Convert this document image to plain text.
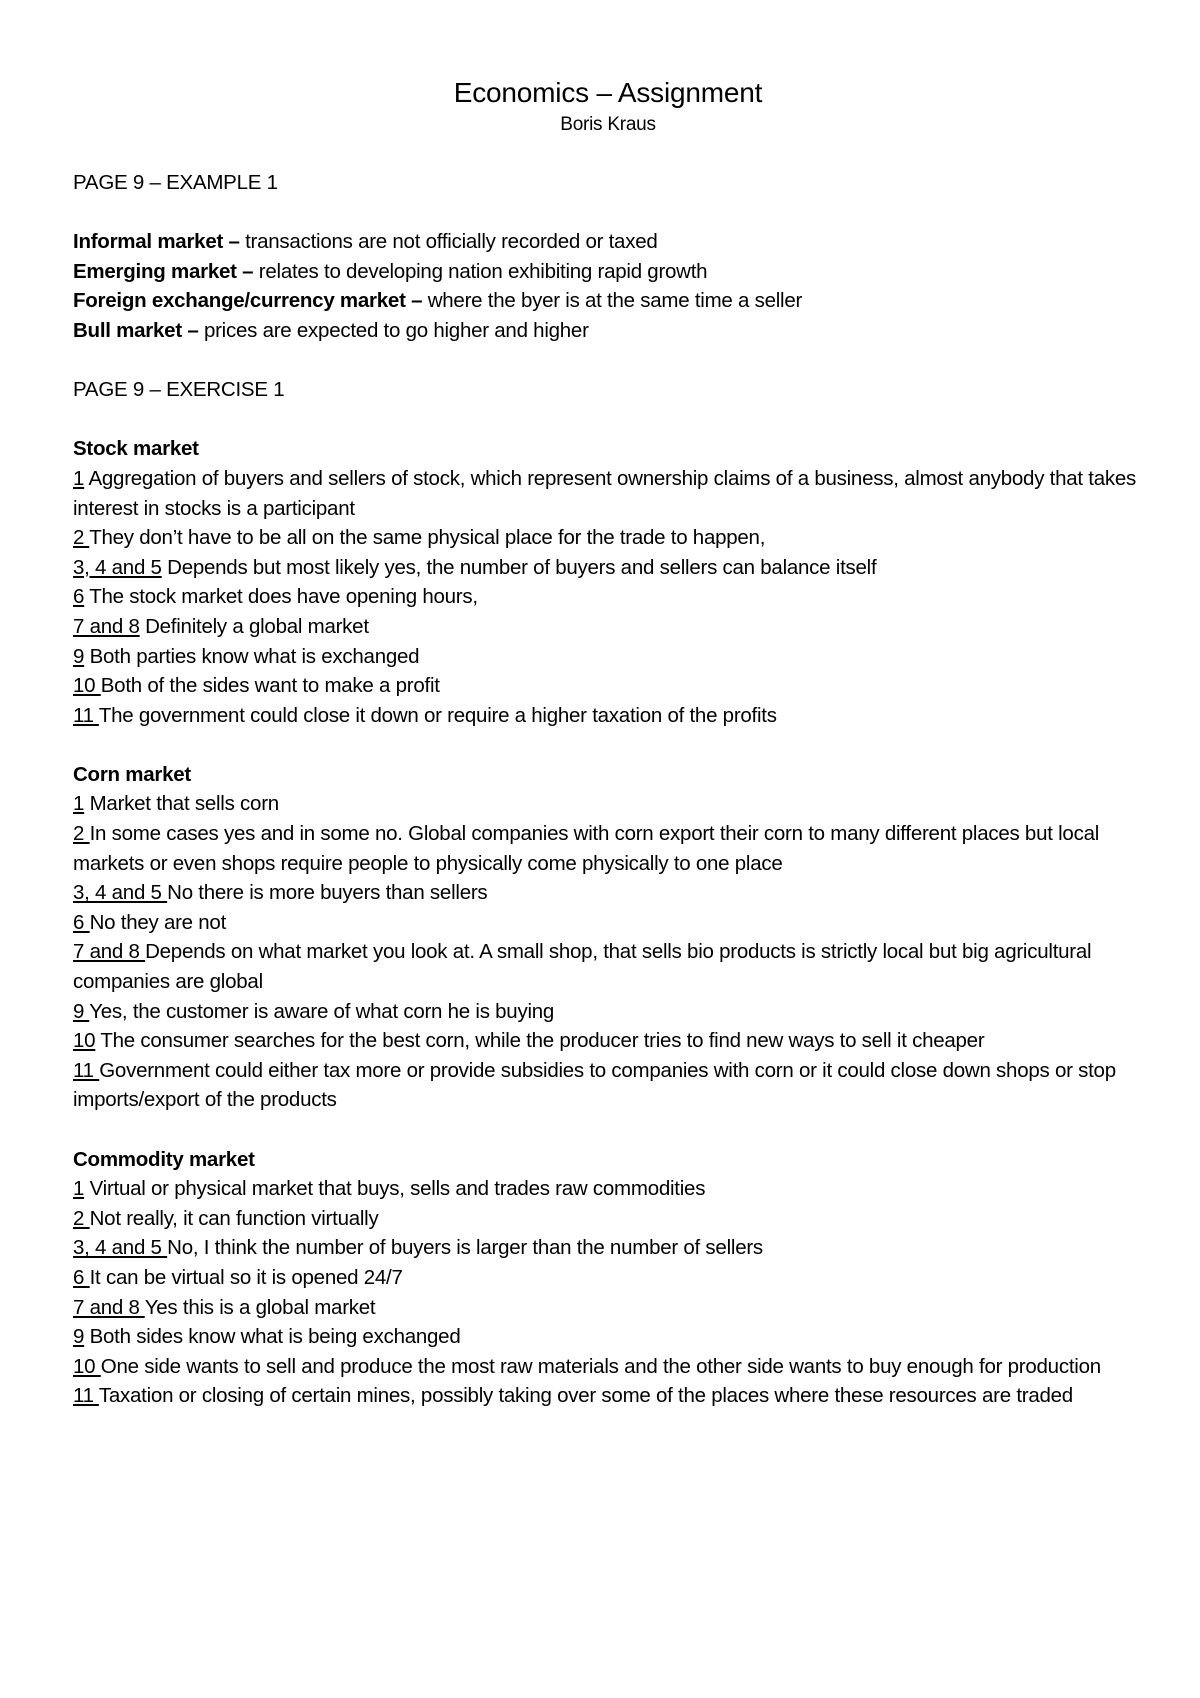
Economics – Assignment

Boris Kraus

PAGE 9 – EXAMPLE 1

Informal market – transactions are not officially recorded or taxed

Emerging market – relates to developing nation exhibiting rapid growth

Foreign exchange/currency market – where the byer is at the same time a seller

Bull market – prices are expected to go higher and higher

PAGE 9 – EXERCISE 1

Stock market

1 Aggregation of buyers and sellers of stock, which represent ownership claims of a business, almost anybody that takes interest in stocks is a participant

2 They don’t have to be all on the same physical place for the trade to happen,

3, 4 and 5 Depends but most likely yes, the number of buyers and sellers can balance itself

6 The stock market does have opening hours,

7 and 8 Definitely a global market

9 Both parties know what is exchanged

10 Both of the sides want to make a profit

11 The government could close it down or require a higher taxation of the profits

Corn market

1 Market that sells corn

2 In some cases yes and in some no. Global companies with corn export their corn to many different places but local markets or even shops require people to physically come physically to one place

3, 4 and 5 No there is more buyers than sellers

6 No they are not

7 and 8 Depends on what market you look at. A small shop, that sells bio products is strictly local but big agricultural companies are global

9 Yes, the customer is aware of what corn he is buying

10 The consumer searches for the best corn, while the producer tries to find new ways to sell it cheaper

11 Government could either tax more or provide subsidies to companies with corn or it could close down shops or stop imports/export of the products

Commodity market

1 Virtual or physical market that buys, sells and trades raw commodities

2 Not really, it can function virtually

3, 4 and 5 No, I think the number of buyers is larger than the number of sellers

6 It can be virtual so it is opened 24/7

7 and 8 Yes this is a global market

9 Both sides know what is being exchanged

10 One side wants to sell and produce the most raw materials and the other side wants to buy enough for production

11 Taxation or closing of certain mines, possibly taking over some of the places where these resources are traded
